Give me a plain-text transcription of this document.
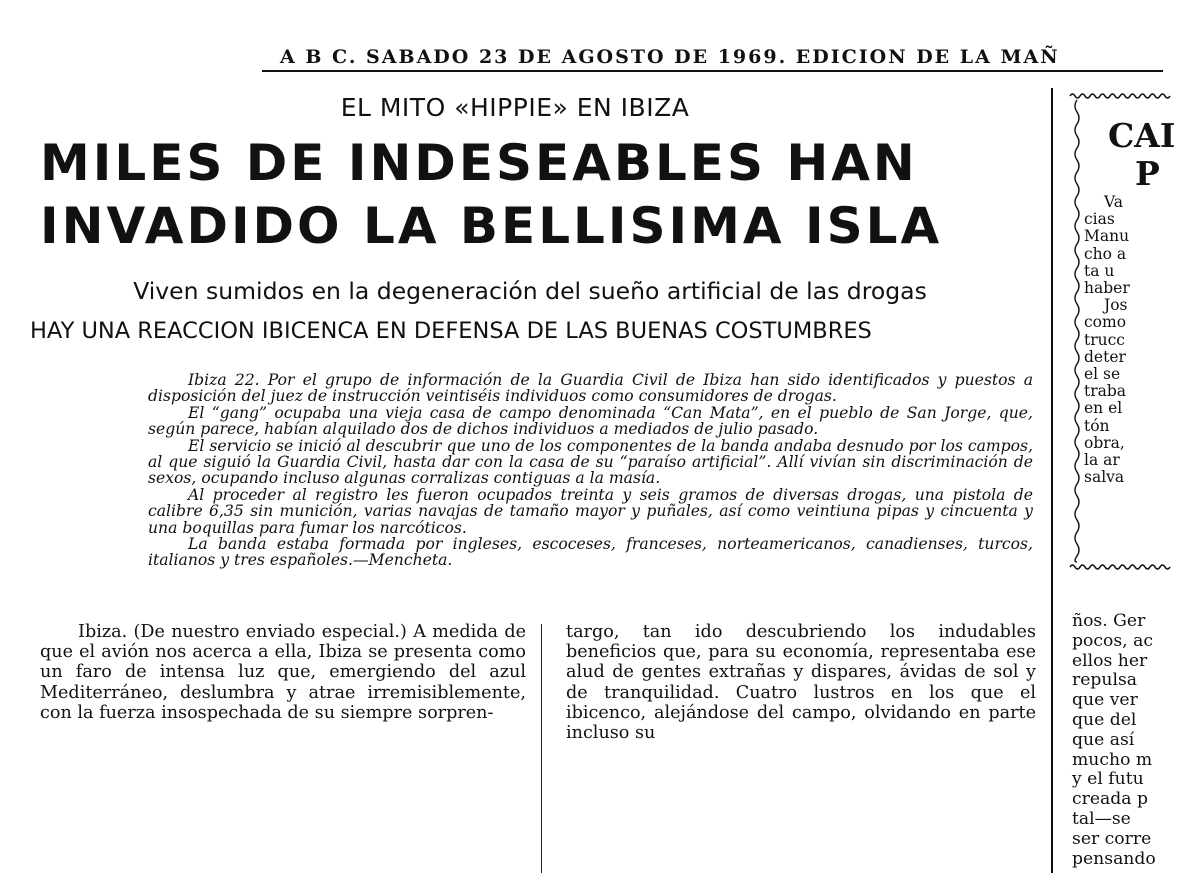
A B C. SABADO 23 DE AGOSTO DE 1969. EDICION DE LA MAÑ
EL MITO «HIPPIE» EN IBIZA
MILES DE INDESEABLES HAN
INVADIDO LA BELLISIMA ISLA
Viven sumidos en la degeneración del sueño artificial de las drogas
HAY UNA REACCION IBICENCA EN DEFENSA DE LAS BUENAS COSTUMBRES

Ibiza 22. Por el grupo de información de la Guardia Civil de Ibiza han sido identificados y puestos a disposición del juez de instrucción veintiséis individuos como consumidores de drogas.

El “gang” ocupaba una vieja casa de campo denominada “Can Mata”, en el pueblo de San Jorge, que, según parece, habían alquilado dos de dichos individuos a mediados de julio pasado.

El servicio se inició al descubrir que uno de los componentes de la banda andaba desnudo por los campos, al que siguió la Guardia Civil, hasta dar con la casa de su “paraíso artificial”. Allí vivían sin discriminación de sexos, ocupando incluso algunas corralizas contiguas a la masía.

Al proceder al registro les fueron ocupados treinta y seis gramos de diversas drogas, una pistola de calibre 6,35 sin munición, varias navajas de tamaño mayor y puñales, así como veintiuna pipas y cincuenta y una boquillas para fumar los narcóticos.

La banda estaba formada por ingleses, escoceses, franceses, norteamericanos, canadienses, turcos, italianos y tres españoles.—Mencheta.

Ibiza. (De nuestro enviado especial.) A medida de que el avión nos acerca a ella, Ibiza se presenta como un faro de intensa luz que, emergiendo del azul Mediterráneo, deslumbra y atrae irremisiblemente, con la fuerza insospechada de su siempre sorpren-
targo, tan ido descubriendo los indudables beneficios que, para su economía, representaba ese alud de gentes extrañas y dispares, ávidas de sol y de tranquilidad. Cuatro lustros en los que el ibicenco, alejándose del campo, olvidando en parte incluso su
CAI
P
Va
cias
Manu
cho a
ta u
haber
Jos
como
trucc
deter
el se
traba
en el
tón
obra,
la ar
salva
ños. Ger
pocos, ac
ellos her
repulsa
que ver
que del
que así
mucho m
y el futu
creada p
tal—se
ser corre
pensando
